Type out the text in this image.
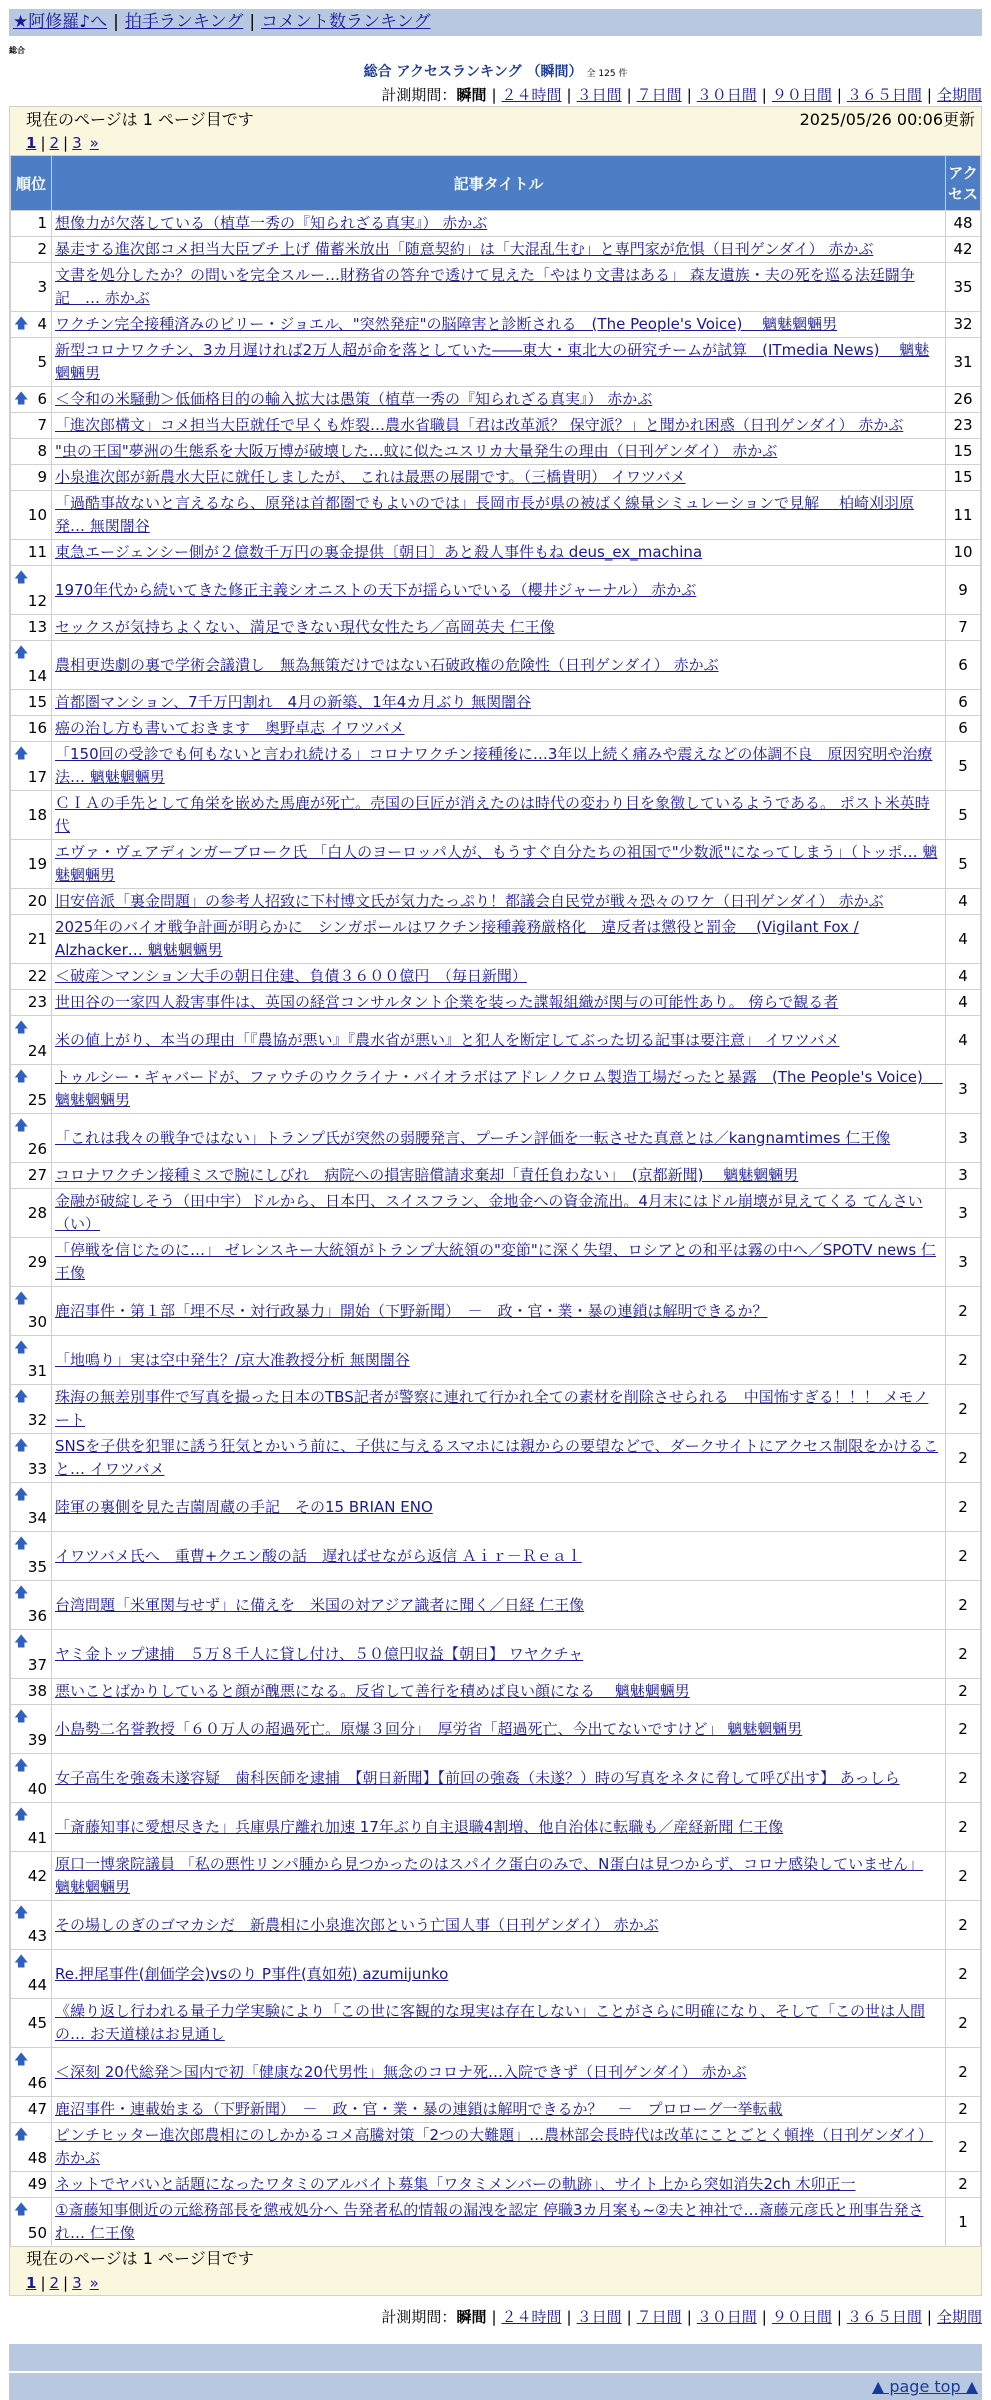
★阿修羅♪へ | 拍手ランキング | コメント数ランキング
総合
総合 アクセスランキング （瞬間） 全 125 件
計測期間：瞬間 | ２４時間 | ３日間 | ７日間 | ３０日間 | ９０日間 | ３６５日間 | 全期間
現在のページは 1 ページ目です	2025/05/26 00:06更新
1 | 2 | 3 »
順位	記事タイトル	アクセス
1	想像力が欠落している（植草一秀の『知られざる真実』） 赤かぶ	48
2	暴走する進次郎コメ担当大臣ブチ上げ 備蓄米放出「随意契約」は「大混乱生む」と専門家が危惧（日刊ゲンダイ） 赤かぶ	42
3	文書を処分したか？の問いを完全スルー…財務省の答弁で透けて見えた「やはり文書はある」 森友遺族・夫の死を巡る法廷闘争記　… 赤かぶ	35

🡅 4	ワクチン完全接種済みのビリー・ジョエル、"突然発症"の脳障害と診断される　(The People's Voice)　 魑魅魍魎男	32
5	新型コロナワクチン、3カ月遅ければ2万人超が命を落としていた――東大・東北大の研究チームが試算　(ITmedia News)　 魑魅魍魎男	31

🡅 6	＜令和の米騒動＞低価格目的の輸入拡大は愚策（植草一秀の『知られざる真実』） 赤かぶ	26
7	「進次郎構文」コメ担当大臣就任で早くも炸裂…農水省職員「君は改革派？ 保守派？」と聞かれ困惑（日刊ゲンダイ） 赤かぶ	23
8	"虫の王国"夢洲の生態系を大阪万博が破壊した…蚊に似たユスリカ大量発生の理由（日刊ゲンダイ） 赤かぶ	15
9	小泉進次郎が新農水大臣に就任しましたが、 これは最悪の展開です。（三橋貴明） イワツバメ	15
10	「過酷事故ないと言えるなら、原発は首都圏でもよいのでは」長岡市長が県の被ばく線量シミュレーションで見解　 柏崎刈羽原発… 無関闇谷	11
11	東急エージェンシー側が２億数千万円の裏金提供〔朝日〕あと殺人事件もね deus_ex_machina	10

🡅
12	1970年代から続いてきた修正主義シオニストの天下が揺らいでいる（櫻井ジャーナル） 赤かぶ	9
13	セックスが気持ちよくない、満足できない現代女性たち／高岡英夫 仁王像	7

🡅
14	農相更迭劇の裏で学術会議潰し　無為無策だけではない石破政権の危険性（日刊ゲンダイ） 赤かぶ	6
15	首都圏マンション、7千万円割れ　4月の新築、1年4カ月ぶり 無関闇谷	6
16	癌の治し方も書いておきます　奥野卓志 イワツバメ	6

🡅
17	「150回の受診でも何もないと言われ続ける」コロナワクチン接種後に…3年以上続く痛みや震えなどの体調不良　原因究明や治療法… 魑魅魍魎男	5
18	ＣＩＡの手先として角栄を嵌めた馬鹿が死亡。売国の巨匠が消えたのは時代の変わり目を象徴しているようである。 ポスト米英時代	5
19	エヴァ・ヴェアディンガーブローク氏 「白人のヨーロッパ人が、もうすぐ自分たちの祖国で"少数派"になってしまう」（トッポ… 魑魅魍魎男	5
20	旧安倍派「裏金問題」の参考人招致に下村博文氏が気力たっぷり！都議会自民党が戦々恐々のワケ（日刊ゲンダイ） 赤かぶ	4
21	2025年のバイオ戦争計画が明らかに　シンガポールはワクチン接種義務厳格化　違反者は懲役と罰金　 (Vigilant Fox / Alzhacker… 魑魅魍魎男	4
22	＜破産＞マンション大手の朝日住建、負債３６００億円　（毎日新聞）	4
23	世田谷の一家四人殺害事件は、英国の経営コンサルタント企業を装った諜報組織が関与の可能性あり。 傍らで観る者	4

🡅
24	米の値上がり、本当の理由「『農協が悪い』『農水省が悪い』と犯人を断定してぶった切る記事は要注意」 イワツバメ	4

🡅
25	トゥルシー・ギャバードが、ファウチのウクライナ・バイオラボはアドレノクロム製造工場だったと暴露　(The People's Voice)　 魑魅魍魎男	3

🡅
26	「これは我々の戦争ではない」トランプ氏が突然の弱腰発言、プーチン評価を一転させた真意とは／kangnamtimes 仁王像	3
27	コロナワクチン接種ミスで腕にしびれ　病院への損害賠償請求棄却「責任負わない」　(京都新聞)　 魑魅魍魎男	3
28	金融が破綻しそう（田中宇）ドルから、日本円、スイスフラン、金地金への資金流出。4月末にはドル崩壊が見えてくる てんさい（い）	3
29	「停戦を信じたのに…」 ゼレンスキー大統領がトランプ大統領の"変節"に深く失望、ロシアとの和平は霧の中へ／SPOTV news 仁王像	3

🡅
30	鹿沼事件・第１部「埋不尽・対行政暴力」開始（下野新聞）　－　政・官・業・暴の連鎖は解明できるか？	2

🡅
31	「地鳴り」実は空中発生？/京大准教授分析 無関闇谷	2

🡅
32	珠海の無差別事件で写真を撮った日本のTBS記者が警察に連れて行かれ全ての素材を削除させられる　中国怖すぎる！！！ メモノート	2

🡅
33	SNSを子供を犯罪に誘う狂気とかいう前に、子供に与えるスマホには親からの要望などで、ダークサイトにアクセス制限をかけること… イワツバメ	2

🡅
34	陸軍の裏側を見た吉薗周蔵の手記　その15 BRIAN ENO	2

🡅
35	イワツバメ氏へ　重曹+クエン酸の話　遅ればせながら返信 Ａｉｒ－Ｒｅａｌ	2

🡅
36	台湾問題「米軍関与せず」に備えを　米国の対アジア識者に聞く／日経 仁王像	2

🡅
37	ヤミ金トップ逮捕　５万８千人に貸し付け、５０億円収益【朝日】 ワヤクチャ	2
38	悪いことばかりしていると顔が醜悪になる。反省して善行を積めば良い顔になる　 魑魅魍魎男	2

🡅
39	小島勢二名誉教授「６０万人の超過死亡。原爆３回分」　厚労省「超過死亡、今出てないですけど」 魑魅魍魎男	2

🡅
40	女子高生を強姦未遂容疑　歯科医師を逮捕　【朝日新聞】【前回の強姦（未遂？）時の写真をネタに脅して呼び出す】 あっしら	2

🡅
41	「斎藤知事に愛想尽きた」兵庫県庁離れ加速 17年ぶり自主退職4割増、他自治体に転職も／産経新聞 仁王像	2
42	原口一博衆院議員 「私の悪性リンパ腫から見つかったのはスパイク蛋白のみで、N蛋白は見つからず、コロナ感染していません」 魑魅魍魎男	2

🡅
43	その場しのぎのゴマカシだ　新農相に小泉進次郎という亡国人事（日刊ゲンダイ） 赤かぶ	2

🡅
44	Re.押尾事件(創価学会)vsのり P事件(真如苑) azumijunko	2
45	《繰り返し行われる量子力学実験により「この世に客観的な現実は存在しない」ことがさらに明確になり、そして「この世は人間の… お天道様はお見通し	2

🡅
46	＜深刻 20代総発＞国内で初「健康な20代男性」無念のコロナ死…入院できず（日刊ゲンダイ） 赤かぶ	2
47	鹿沼事件・連載始まる（下野新聞）　－　政・官・業・暴の連鎖は解明できるか？　－　プロローグ一挙転載	2

🡅
48	ピンチヒッター進次郎農相にのしかかるコメ高騰対策「2つの大難題」…農林部会長時代は改革にことごとく頓挫（日刊ゲンダイ） 赤かぶ	2
49	ネットでヤバいと話題になったワタミのアルバイト募集「ワタミメンバーの軌跡」、サイト上から突如消失2ch 木卯正一	2

🡅
50	①斎藤知事側近の元総務部長を懲戒処分へ 告発者私的情報の漏洩を認定 停職3カ月案も~②夫と神社で…斎藤元彦氏と刑事告発され… 仁王像	1
現在のページは 1 ページ目です
1 | 2 | 3 »
計測期間：瞬間 | ２４時間 | ３日間 | ７日間 | ３０日間 | ９０日間 | ３６５日間 | 全期間
▲ page top ▲
